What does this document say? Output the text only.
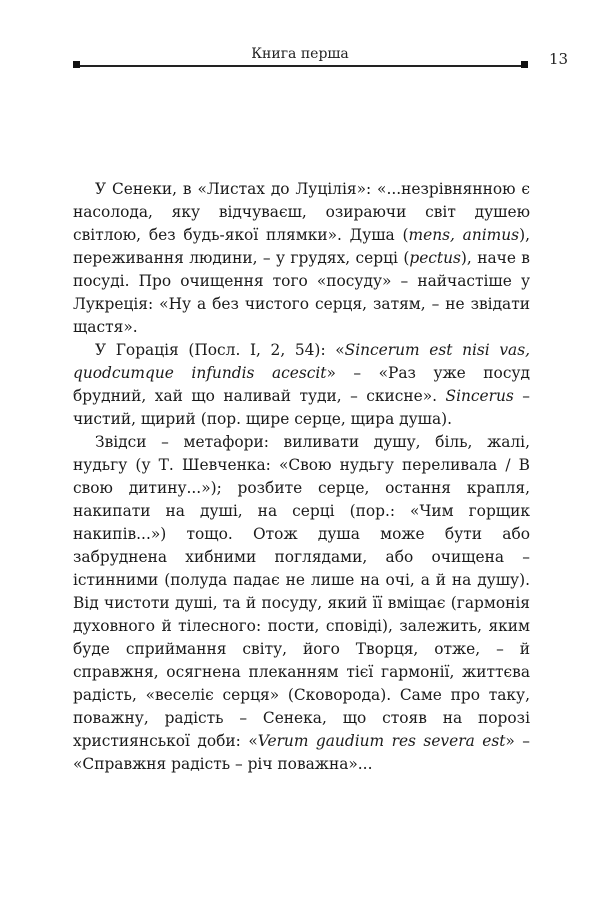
Книга перша	13

У Сенеки, в «Листах до Луцілія»: «...незрівнянною є насолода, яку відчуваєш, озираючи світ душею світлою, без будь-якої плямки». Душа (mens, animus), переживання людини, – у грудях, серці (pectus), наче в посуді. Про очищення того «посуду» – найчастіше у Лукреція: «Ну а без чистого серця, затям, – не звідати щастя».

У Горація (Посл. I, 2, 54): «Sincerum est nisi vas, quodcumque infundis acescit» – «Раз уже посуд брудний, хай що наливай туди, – скисне». Sincerus – чистий, щирий (пор. щире серце, щира душа).

Звідси – метафори: виливати душу, біль, жалі, нудьгу (у Т. Шевченка: «Свою нудьгу переливала / В свою дитину...»); розбите серце, остання крапля, накипати на душі, на серці (пор.: «Чим горщик накипів...») тощо. Отож душа може бути або забруднена хибними поглядами, або очищена – істинними (полуда падає не лише на очі, а й на душу). Від чистоти душі, та й посуду, який її вміщає (гармонія духовного й тілесного: пости, сповіді), залежить, яким буде сприймання світу, його Творця, отже, – й справжня, осягнена плеканням тієї гармонії, життєва радість, «веселіє серця» (Сковорода). Саме про таку, поважну, радість – Сенека, що стояв на порозі християнської доби: «Verum gaudium res severa est» – «Справжня радість – річ поважна»...
